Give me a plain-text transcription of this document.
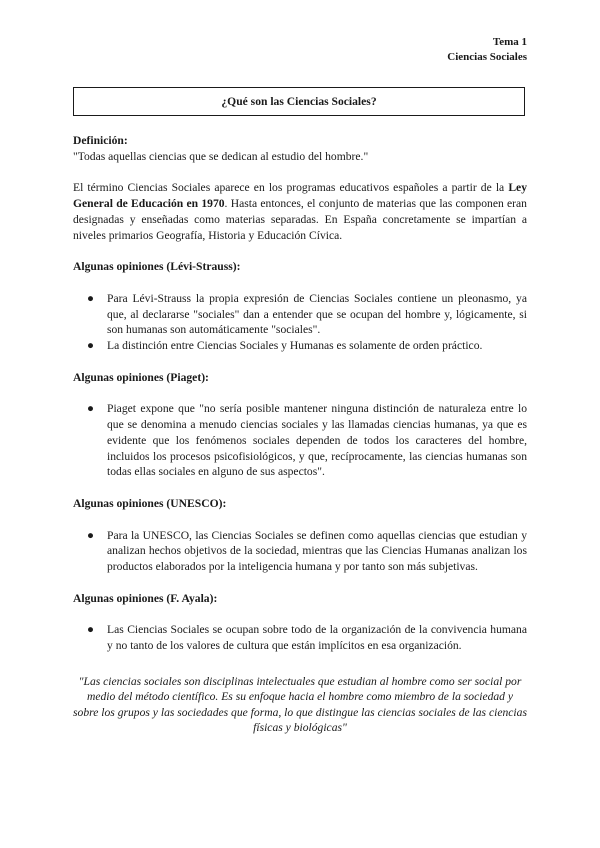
Tema 1
Ciencias Sociales
¿Qué son las Ciencias Sociales?

Definición:

"Todas aquellas ciencias que se dedican al estudio del hombre."

El término Ciencias Sociales aparece en los programas educativos españoles a partir de la Ley General de Educación en 1970. Hasta entonces, el conjunto de materias que las componen eran designadas y enseñadas como materias separadas. En España concretamente se impartían a niveles primarios Geografía, Historia y Educación Cívica.

Algunas opiniones (Lévi-Strauss):

● Para Lévi-Strauss la propia expresión de Ciencias Sociales contiene un pleonasmo, ya que, al declararse "sociales" dan a entender que se ocupan del hombre y, lógicamente, si son humanas son automáticamente "sociales".
● La distinción entre Ciencias Sociales y Humanas es solamente de orden práctico.

Algunas opiniones (Piaget):

● Piaget expone que "no sería posible mantener ninguna distinción de naturaleza entre lo que se denomina a menudo ciencias sociales y las llamadas ciencias humanas, ya que es evidente que los fenómenos sociales dependen de todos los caracteres del hombre, incluidos los procesos psicofisiológicos, y que, recíprocamente, las ciencias humanas son todas ellas sociales en alguno de sus aspectos".

Algunas opiniones (UNESCO):

● Para la UNESCO, las Ciencias Sociales se definen como aquellas ciencias que estudian y analizan hechos objetivos de la sociedad, mientras que las Ciencias Humanas analizan los productos elaborados por la inteligencia humana y por tanto son más subjetivas.

Algunas opiniones (F. Ayala):

● Las Ciencias Sociales se ocupan sobre todo de la organización de la convivencia humana y no tanto de los valores de cultura que están implícitos en esa organización.

"Las ciencias sociales son disciplinas intelectuales que estudian al hombre como ser social por medio del método científico. Es su enfoque hacia el hombre como miembro de la sociedad y sobre los grupos y las sociedades que forma, lo que distingue las ciencias sociales de las ciencias físicas y biológicas"
